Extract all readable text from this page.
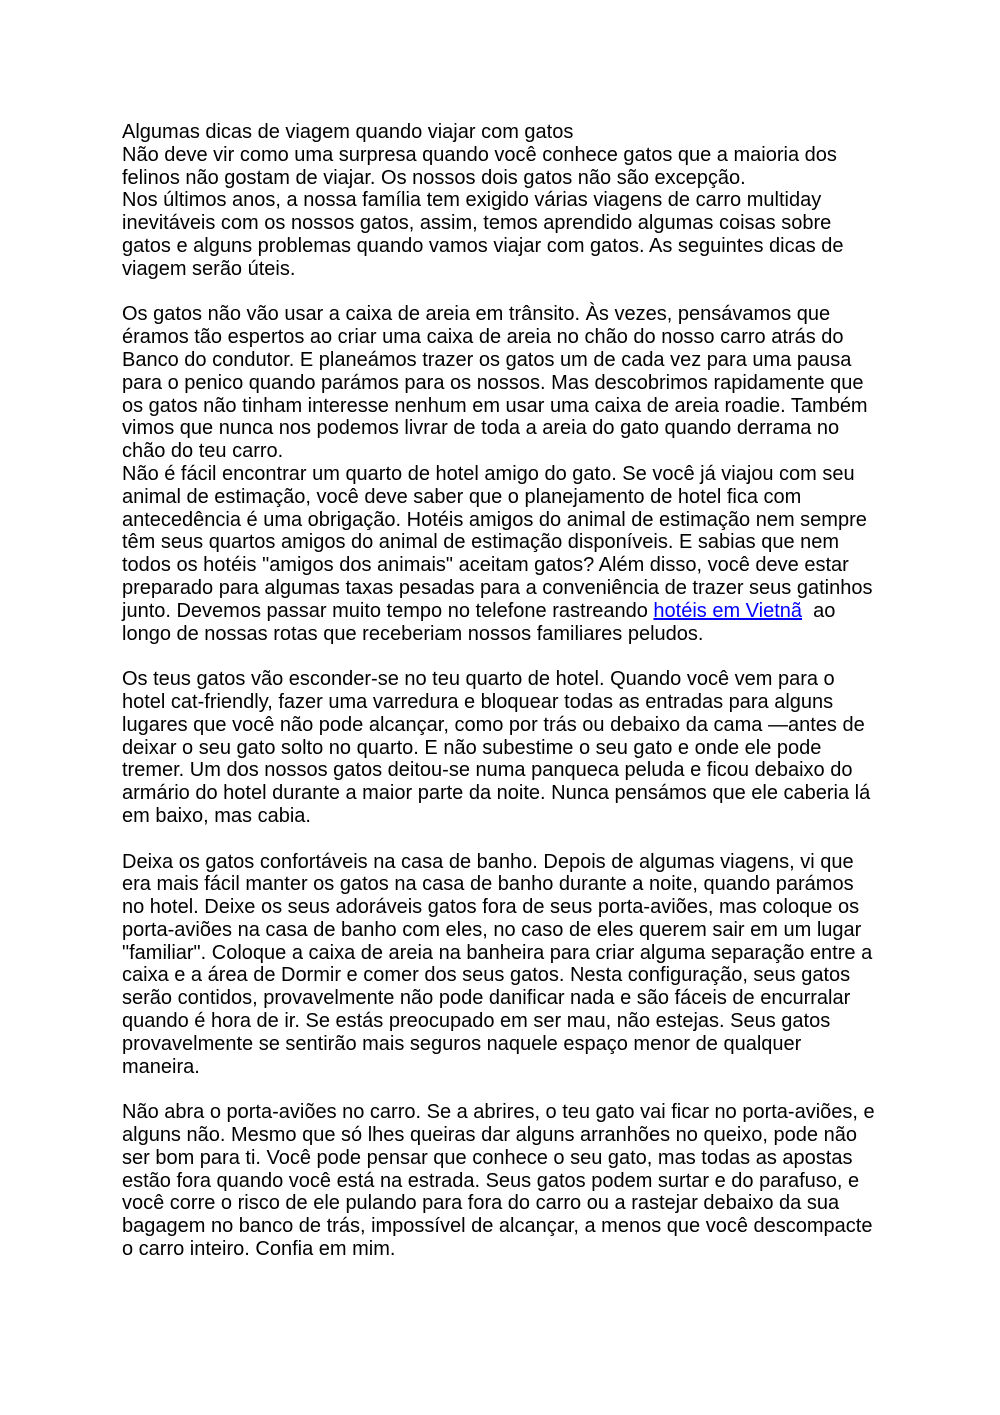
Algumas dicas de viagem quando viajar com gatos

Não deve vir como uma surpresa quando você conhece gatos que a maioria dos felinos não gostam de viajar. Os nossos dois gatos não são excepção.

Nos últimos anos, a nossa família tem exigido várias viagens de carro multiday inevitáveis com os nossos gatos, assim, temos aprendido algumas coisas sobre gatos e alguns problemas quando vamos viajar com gatos. As seguintes dicas de viagem serão úteis.

Os gatos não vão usar a caixa de areia em trânsito. Às vezes, pensávamos que éramos tão espertos ao criar uma caixa de areia no chão do nosso carro atrás do Banco do condutor. E planeámos trazer os gatos um de cada vez para uma pausa para o penico quando parámos para os nossos. Mas descobrimos rapidamente que os gatos não tinham interesse nenhum em usar uma caixa de areia roadie. Também vimos que nunca nos podemos livrar de toda a areia do gato quando derrama no chão do teu carro.

Não é fácil encontrar um quarto de hotel amigo do gato. Se você já viajou com seu animal de estimação, você deve saber que o planejamento de hotel fica com antecedência é uma obrigação. Hotéis amigos do animal de estimação nem sempre têm seus quartos amigos do animal de estimação disponíveis. E sabias que nem todos os hotéis "amigos dos animais" aceitam gatos? Além disso, você deve estar preparado para algumas taxas pesadas para a conveniência de trazer seus gatinhos junto. Devemos passar muito tempo no telefone rastreando hotéis em Vietnã  ao longo de nossas rotas que receberiam nossos familiares peludos.

Os teus gatos vão esconder-se no teu quarto de hotel. Quando você vem para o hotel cat-friendly, fazer uma varredura e bloquear todas as entradas para alguns lugares que você não pode alcançar, como por trás ou debaixo da cama —antes de deixar o seu gato solto no quarto. E não subestime o seu gato e onde ele pode tremer. Um dos nossos gatos deitou-se numa panqueca peluda e ficou debaixo do armário do hotel durante a maior parte da noite. Nunca pensámos que ele caberia lá em baixo, mas cabia.

Deixa os gatos confortáveis na casa de banho. Depois de algumas viagens, vi que era mais fácil manter os gatos na casa de banho durante a noite, quando parámos no hotel. Deixe os seus adoráveis gatos fora de seus porta-aviões, mas coloque os porta-aviões na casa de banho com eles, no caso de eles querem sair em um lugar "familiar". Coloque a caixa de areia na banheira para criar alguma separação entre a caixa e a área de Dormir e comer dos seus gatos. Nesta configuração, seus gatos serão contidos, provavelmente não pode danificar nada e são fáceis de encurralar quando é hora de ir. Se estás preocupado em ser mau, não estejas. Seus gatos provavelmente se sentirão mais seguros naquele espaço menor de qualquer maneira.

Não abra o porta-aviões no carro. Se a abrires, o teu gato vai ficar no porta-aviões, e alguns não. Mesmo que só lhes queiras dar alguns arranhões no queixo, pode não ser bom para ti. Você pode pensar que conhece o seu gato, mas todas as apostas estão fora quando você está na estrada. Seus gatos podem surtar e do parafuso, e você corre o risco de ele pulando para fora do carro ou a rastejar debaixo da sua bagagem no banco de trás, impossível de alcançar, a menos que você descompacte o carro inteiro. Confia em mim.
